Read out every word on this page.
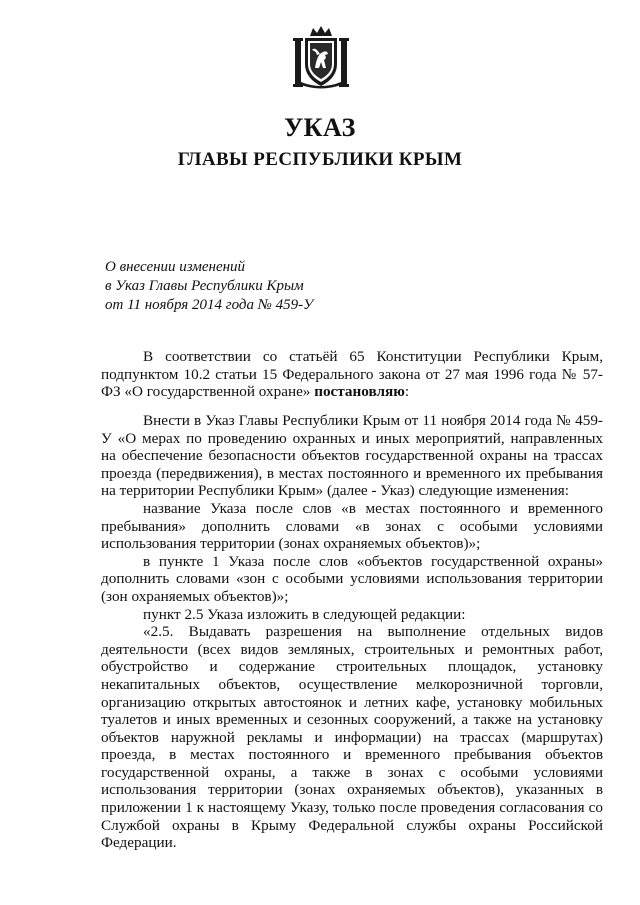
УКАЗ
ГЛАВЫ РЕСПУБЛИКИ КРЫМ
О внесении изменений
в Указ Главы Республики Крым
от 11 ноября 2014 года № 459-У

В соответствии со статьёй 65 Конституции Республики Крым, подпунктом 10.2 статьи 15 Федерального закона от 27 мая 1996 года № 57-ФЗ «О государственной охране» постановляю:

Внести в Указ Главы Республики Крым от 11 ноября 2014 года № 459-У «О мерах по проведению охранных и иных мероприятий, направленных на обеспечение безопасности объектов государственной охраны на трассах проезда (передвижения), в местах постоянного и временного их пребывания на территории Республики Крым» (далее - Указ) следующие изменения:

название Указа после слов «в местах постоянного и временного пребывания» дополнить словами «в зонах с особыми условиями использования территории (зонах охраняемых объектов)»;

в пункте 1 Указа после слов «объектов государственной охраны» дополнить словами «зон с особыми условиями использования территории (зон охраняемых объектов)»;

пункт 2.5 Указа изложить в следующей редакции:

«2.5. Выдавать разрешения на выполнение отдельных видов деятельности (всех видов земляных, строительных и ремонтных работ, обустройство и содержание строительных площадок, установку некапитальных объектов, осуществление мелкорозничной торговли, организацию открытых автостоянок и летних кафе, установку мобильных туалетов и иных временных и сезонных сооружений, а также на установку объектов наружной рекламы и информации) на трассах (маршрутах) проезда, в местах постоянного и временного пребывания объектов государственной охраны, а также в зонах с особыми условиями использования территории (зонах охраняемых объектов), указанных в приложении 1 к настоящему Указу, только после проведения согласования со Службой охраны в Крыму Федеральной службы охраны Российской Федерации.
